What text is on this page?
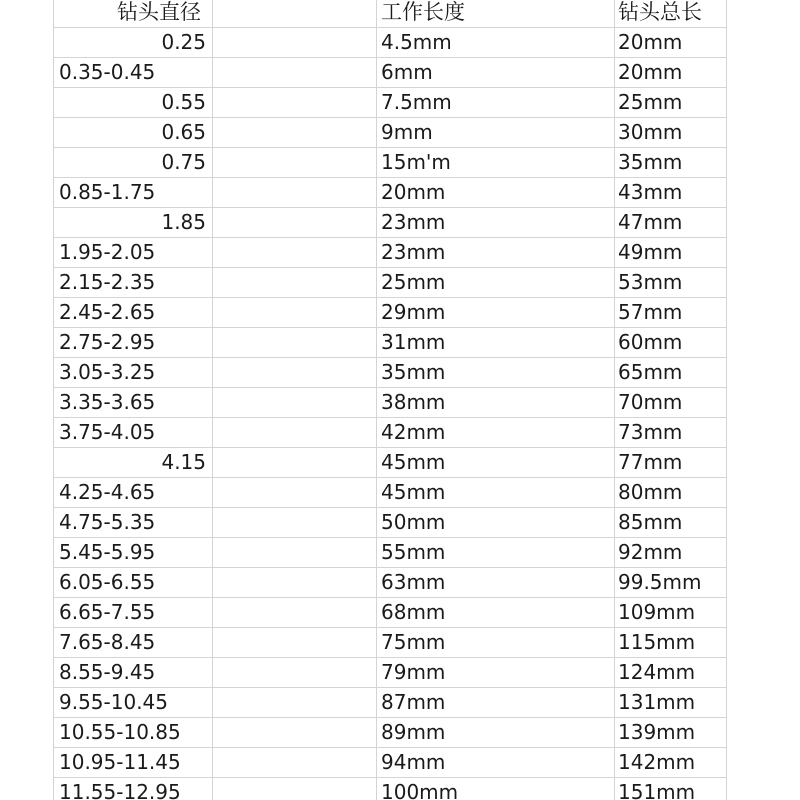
钻头直径	工作长度	钻头总长
0.25	4.5mm	20mm
0.35-0.45	6mm	20mm
0.55	7.5mm	25mm
0.65	9mm	30mm
0.75	15m'm	35mm
0.85-1.75	20mm	43mm
1.85	23mm	47mm
1.95-2.05	23mm	49mm
2.15-2.35	25mm	53mm
2.45-2.65	29mm	57mm
2.75-2.95	31mm	60mm
3.05-3.25	35mm	65mm
3.35-3.65	38mm	70mm
3.75-4.05	42mm	73mm
4.15	45mm	77mm
4.25-4.65	45mm	80mm
4.75-5.35	50mm	85mm
5.45-5.95	55mm	92mm
6.05-6.55	63mm	99.5mm
6.65-7.55	68mm	109mm
7.65-8.45	75mm	115mm
8.55-9.45	79mm	124mm
9.55-10.45	87mm	131mm
10.55-10.85	89mm	139mm
10.95-11.45	94mm	142mm
11.55-12.95	100mm	151mm
